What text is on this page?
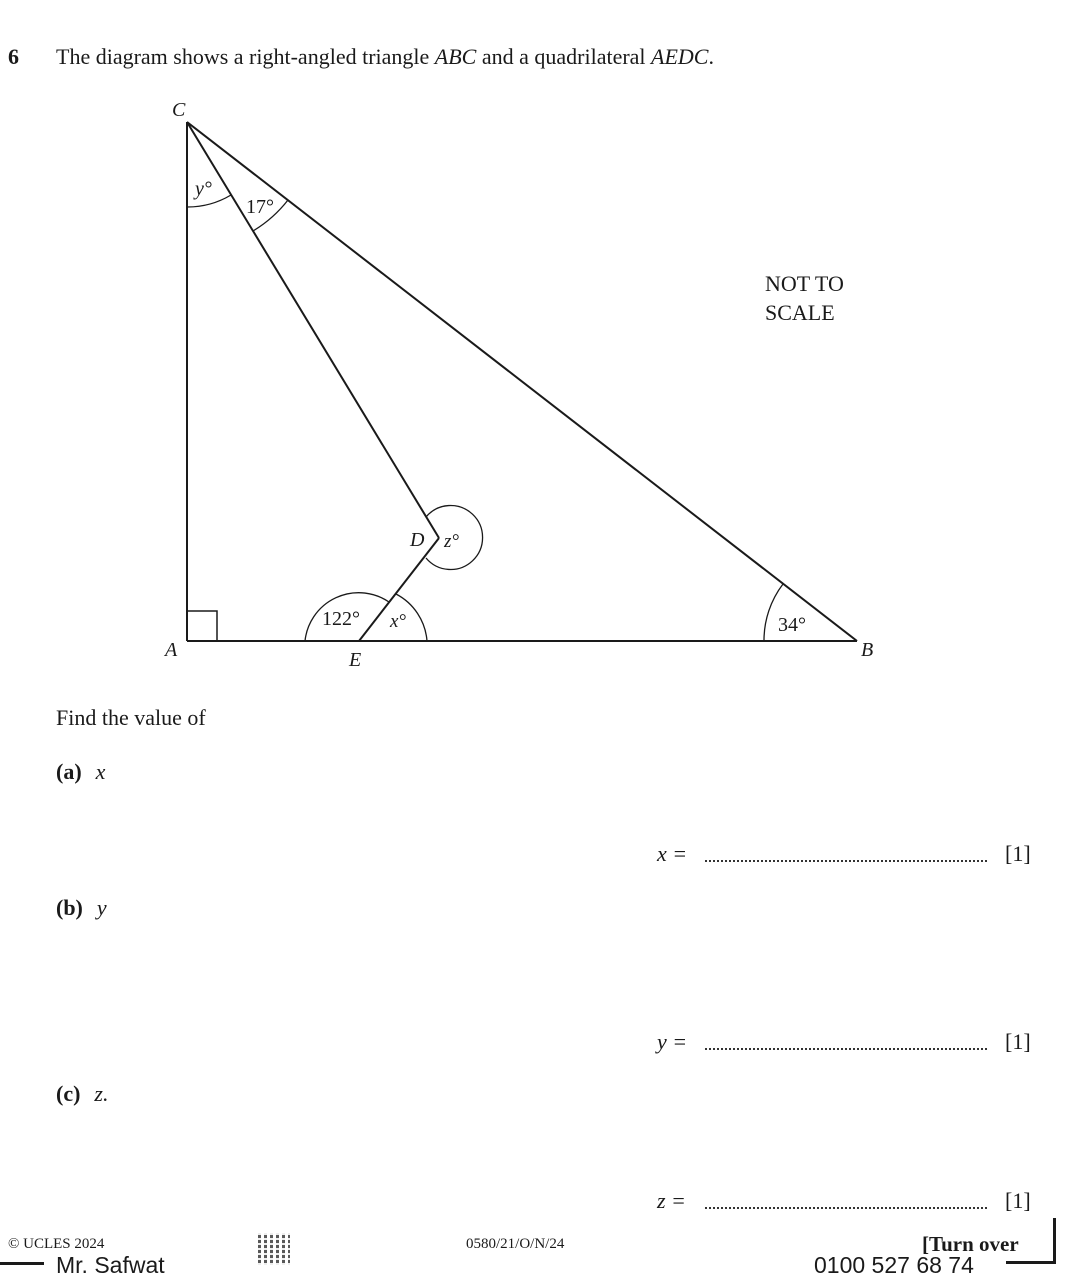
6 The diagram shows a right-angled triangle ABC and a quadrilateral AEDC.
C
A	E
D
B
y°
17°
z°
122° x°	34°
NOT TO
SCALE
Find the value of
(a) x
x =	[1]
(b) y
y =	[1]
(c) z.
z =	[1]
© UCLES 2024	0580/21/O/N/24	[Turn over
Mr. Safwat	0100 527 68 74
